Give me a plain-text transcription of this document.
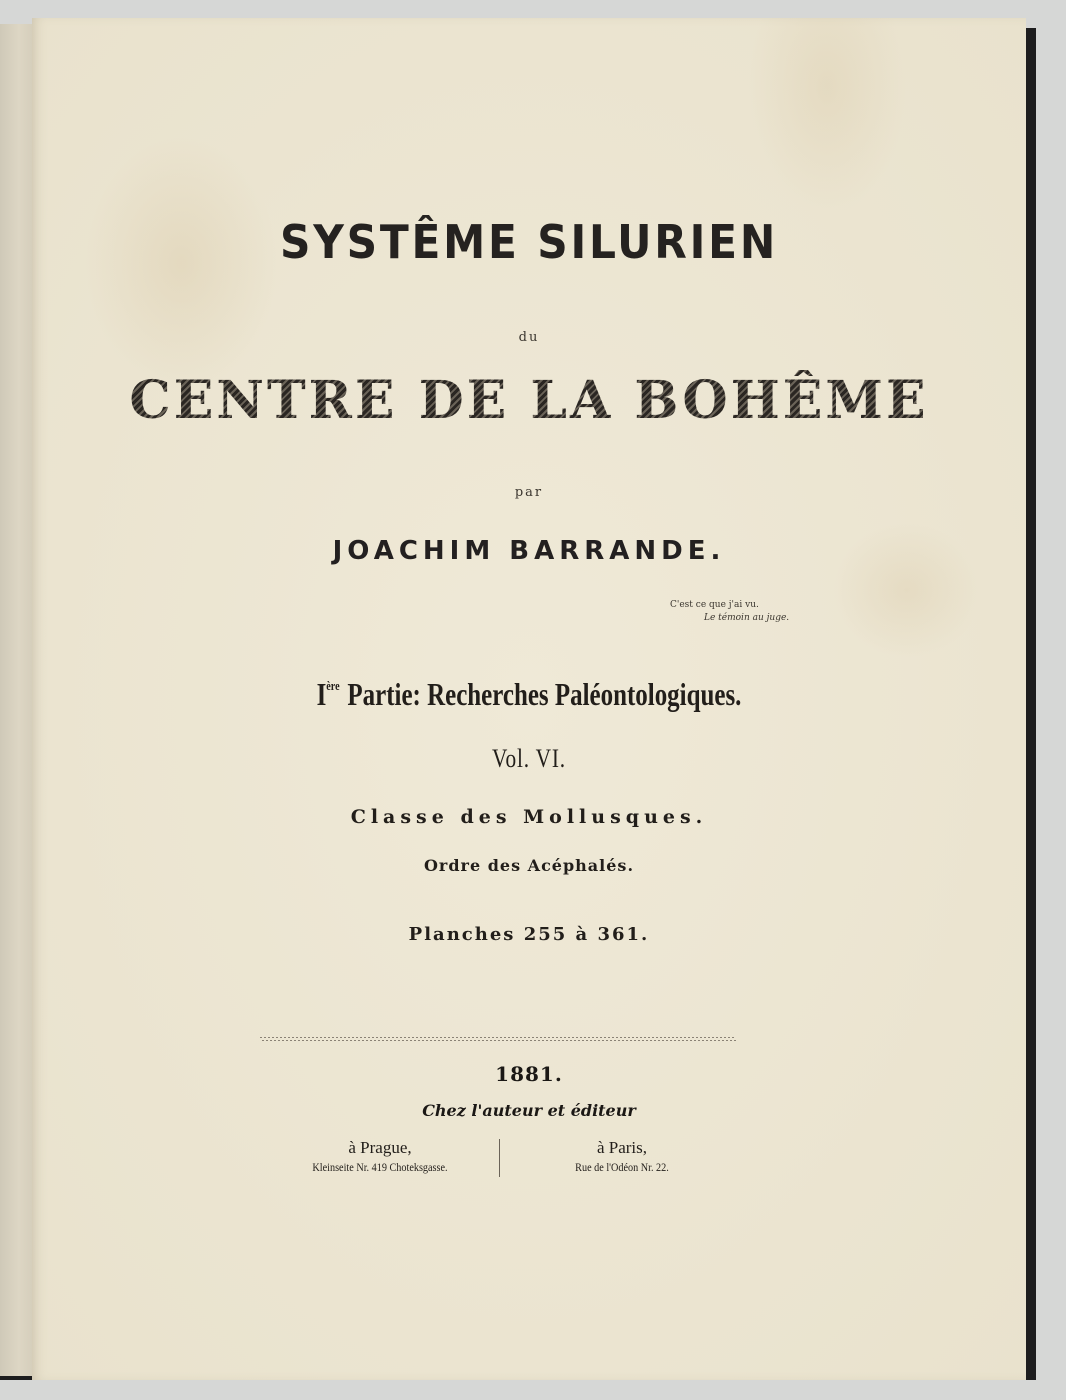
SYSTÊME SILURIEN
du
CENTRE DE LA BOHÊME
par
JOACHIM BARRANDE.
C'est ce que j'ai vu.
Le témoin au juge.
Ière Partie: Recherches Paléontologiques.
Vol. VI.
Classe des Mollusques.
Ordre des Acéphalés.
Planches 255 à 361.
1881.
Chez l'auteur et éditeur
à Prague,
Kleinseite Nr. 419 Choteksgasse.
à Paris,
Rue de l'Odéon Nr. 22.
